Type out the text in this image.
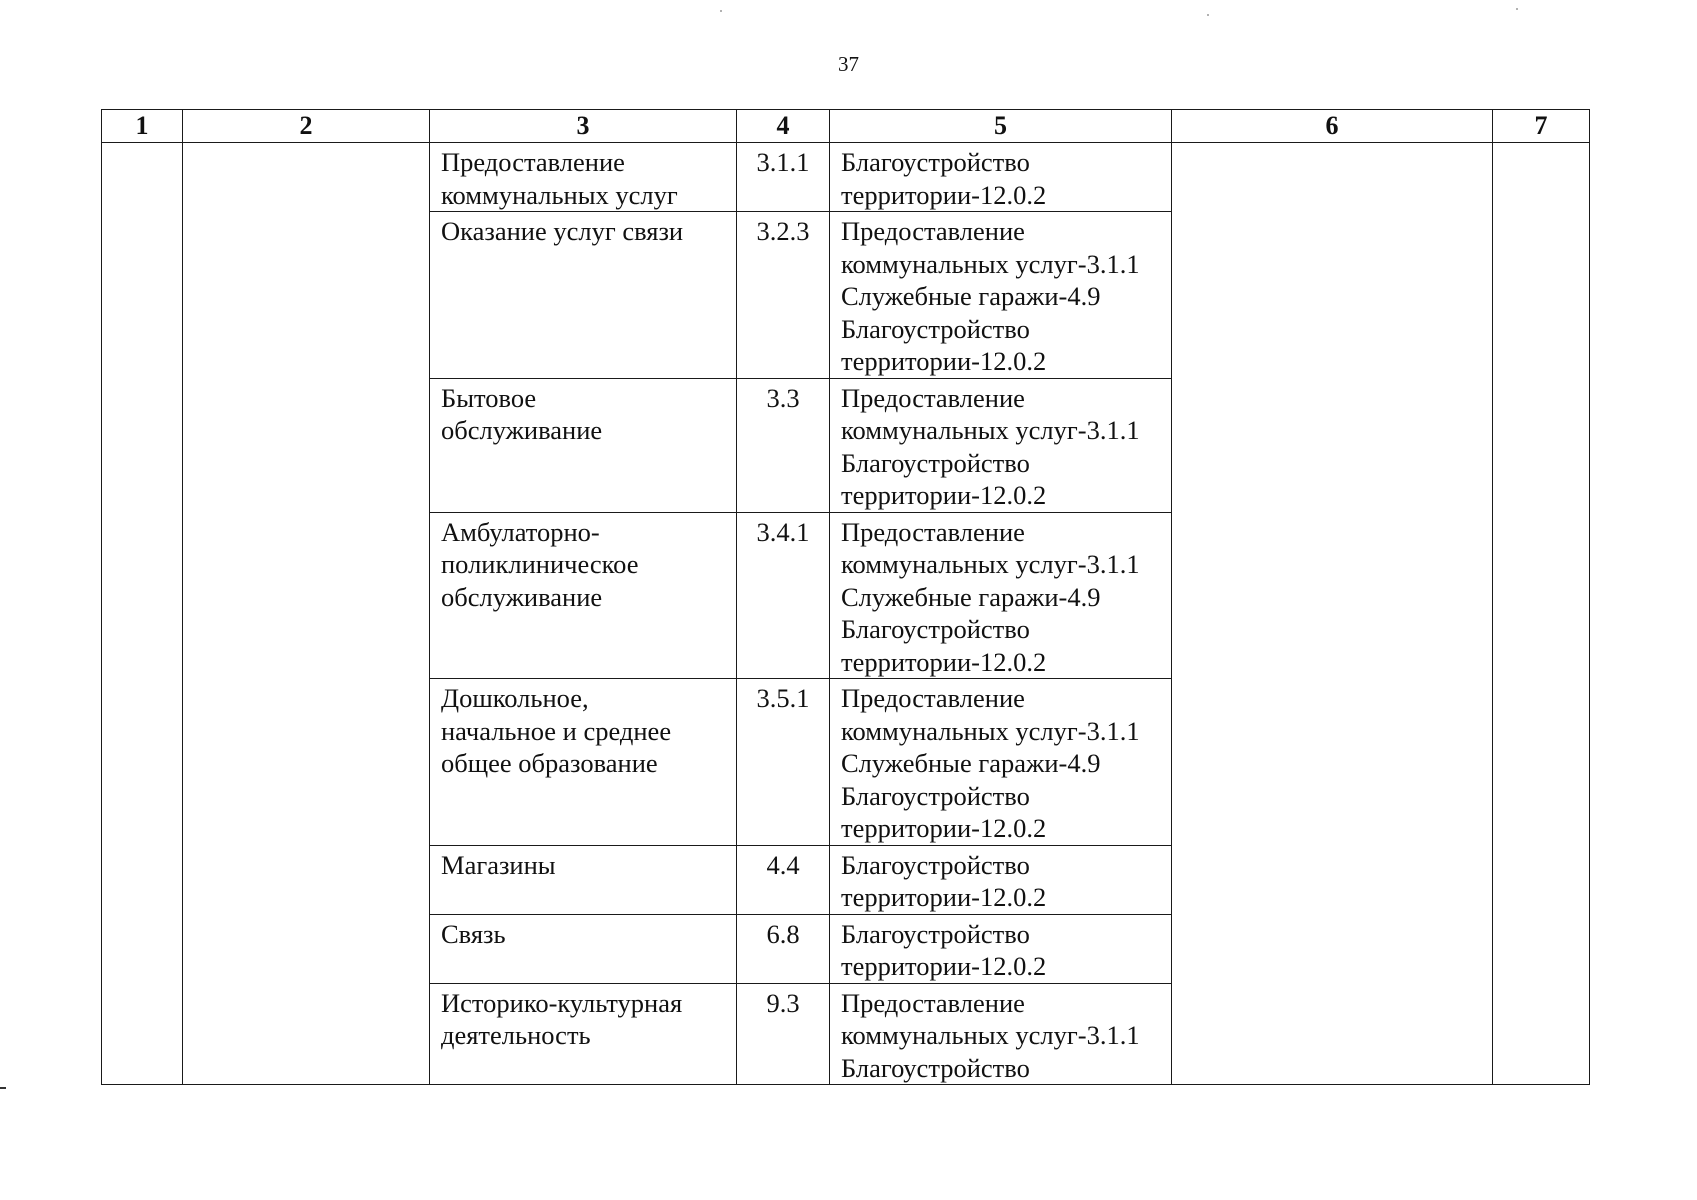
37
1	2	3	4	5	6	7
		Предоставление
коммунальных услуг	3.1.1	Благоустройство
территории-12.0.2		
		Оказание услуг связи	3.2.3	Предоставление
коммунальных услуг-3.1.1
Служебные гаражи-4.9
Благоустройство
территории-12.0.2		
		Бытовое
обслуживание	3.3	Предоставление
коммунальных услуг-3.1.1
Благоустройство
территории-12.0.2		
		Амбулаторно-
поликлиническое
обслуживание	3.4.1	Предоставление
коммунальных услуг-3.1.1
Служебные гаражи-4.9
Благоустройство
территории-12.0.2		
		Дошкольное,
начальное и среднее
общее образование	3.5.1	Предоставление
коммунальных услуг-3.1.1
Служебные гаражи-4.9
Благоустройство
территории-12.0.2		
		Магазины	4.4	Благоустройство
территории-12.0.2		
		Связь	6.8	Благоустройство
территории-12.0.2		
		Историко-культурная
деятельность	9.3	Предоставление
коммунальных услуг-3.1.1
Благоустройство		
